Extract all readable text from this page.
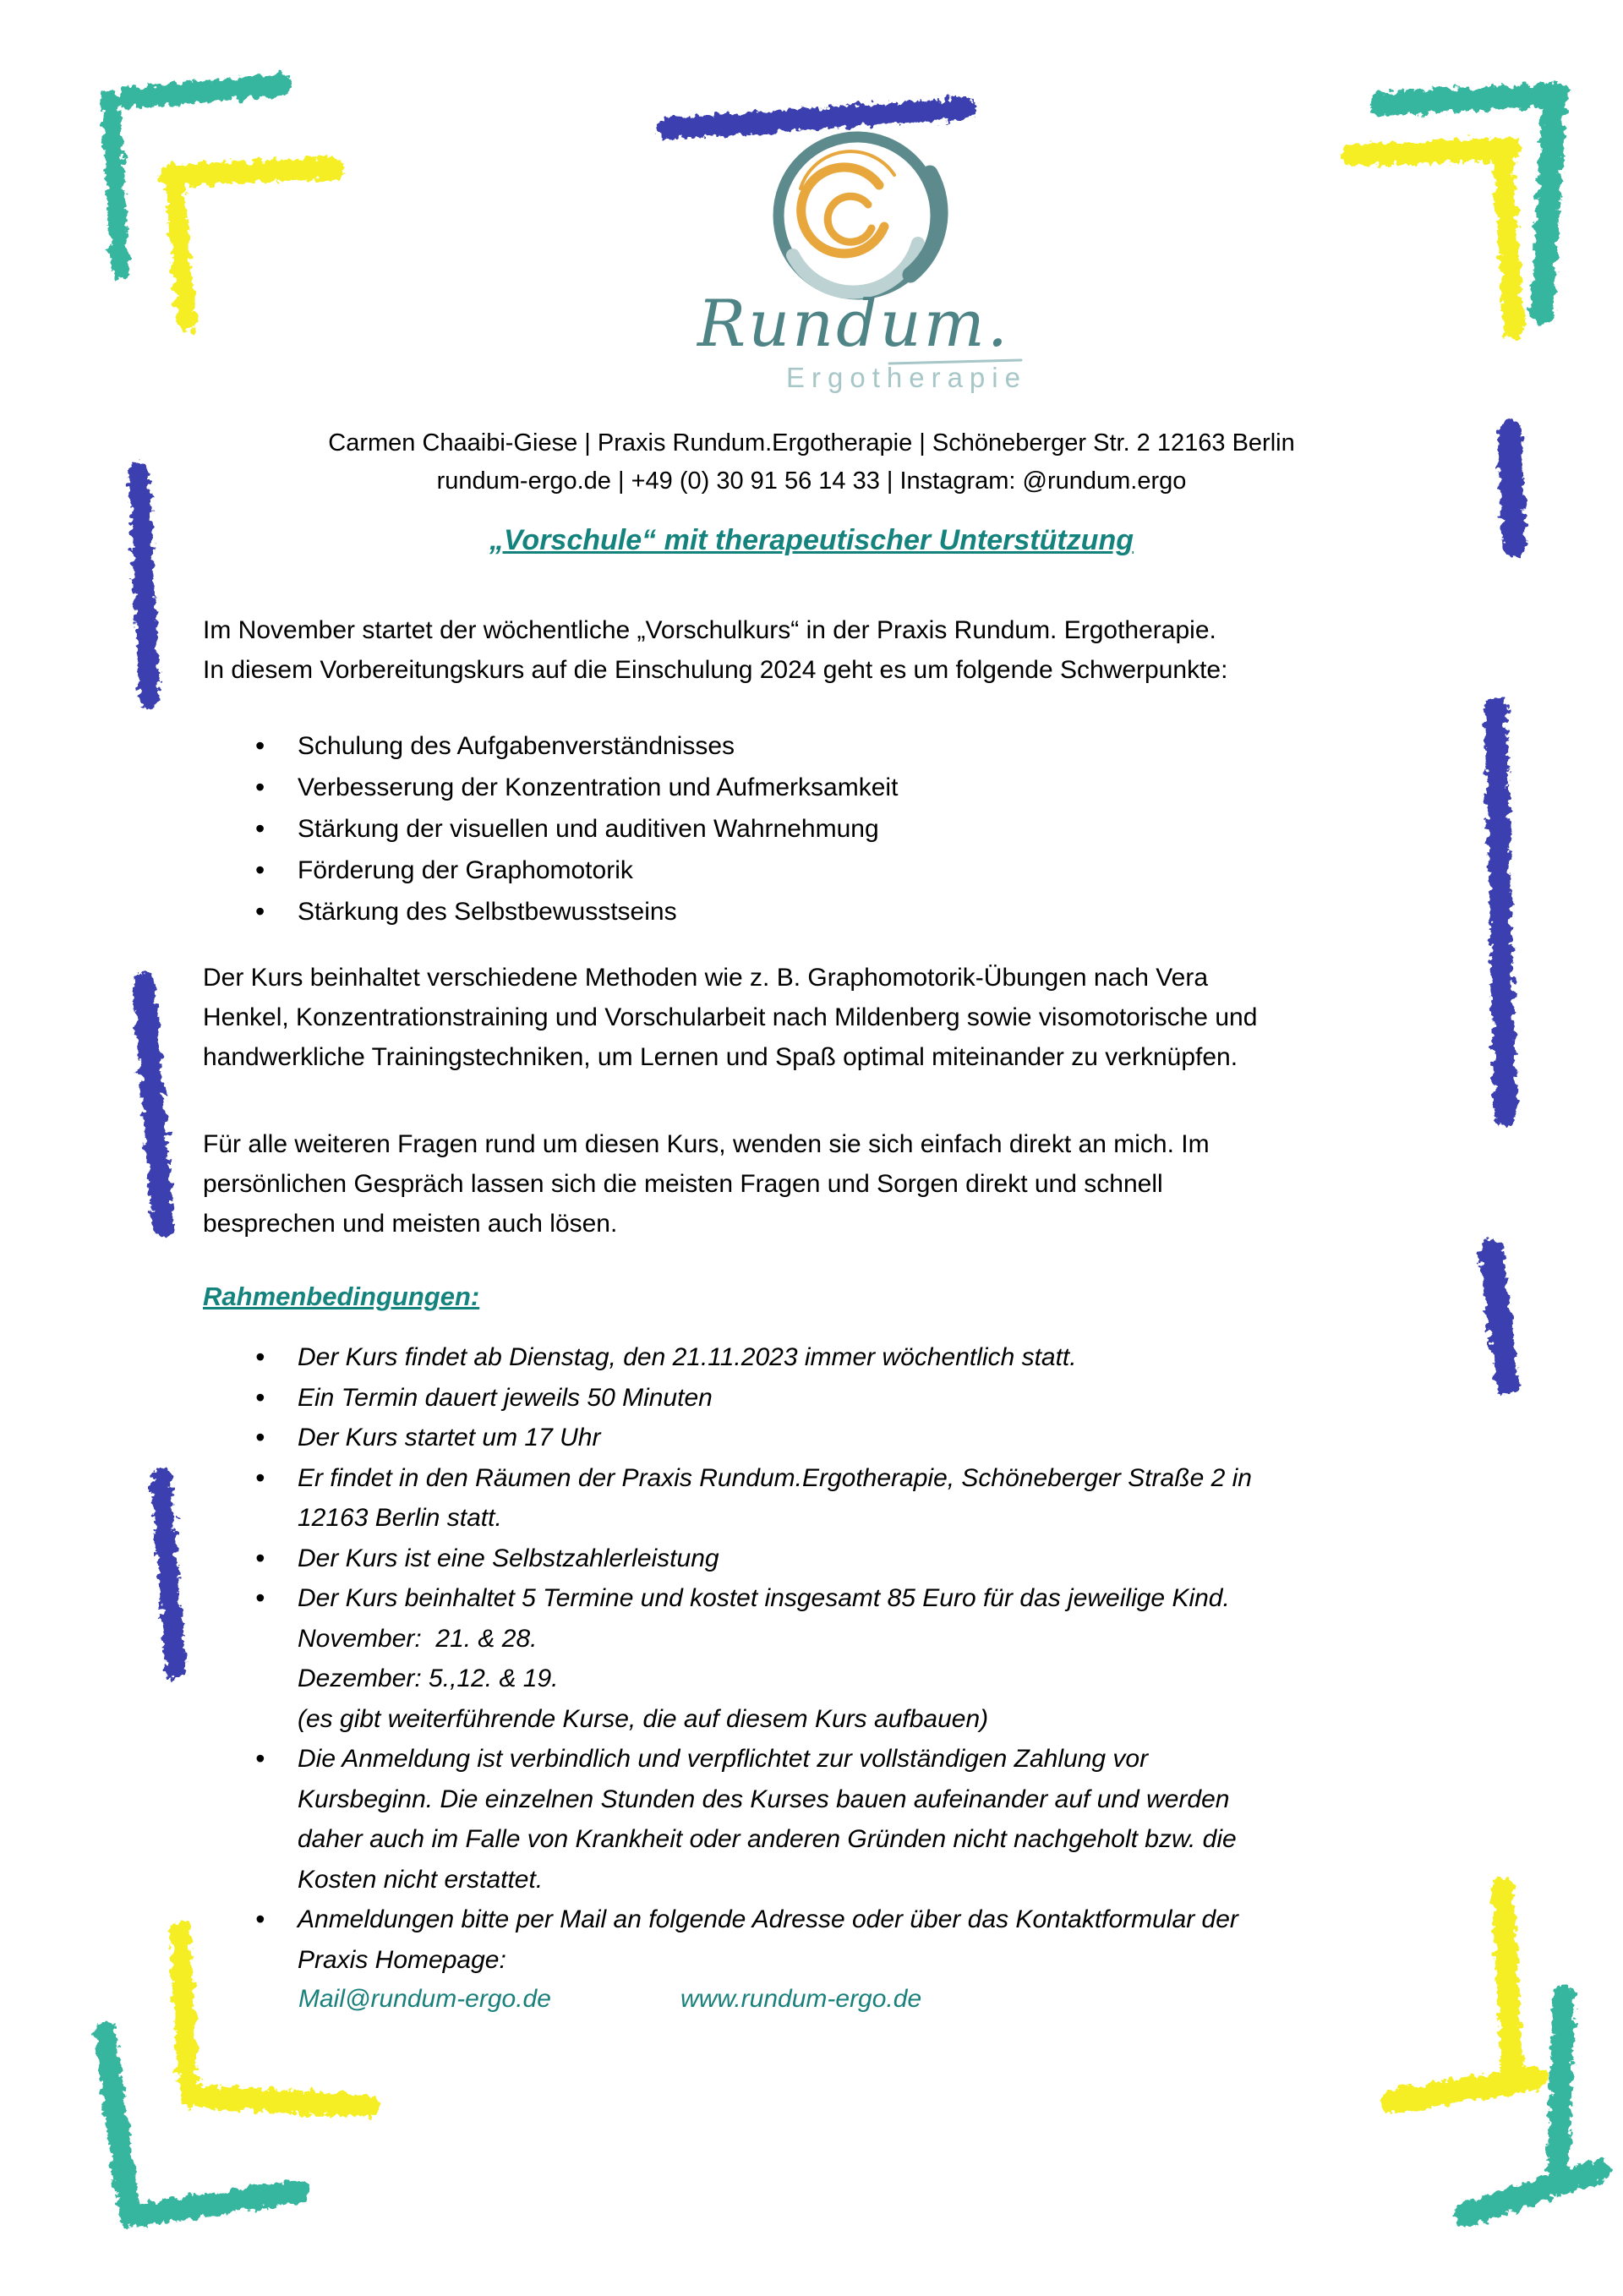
Rundum.
Ergotherapie
Carmen Chaaibi-Giese | Praxis Rundum.Ergotherapie | Schöneberger Str. 2 12163 Berlin
rundum-ergo.de | +49 (0) 30 91 56 14 33 | Instagram: @rundum.ergo
„Vorschule“ mit therapeutischer Unterstützung
Im November startet der wöchentliche „Vorschulkurs“ in der Praxis Rundum. Ergotherapie.
In diesem Vorbereitungskurs auf die Einschulung 2024 geht es um folgende Schwerpunkte:
• Schulung des Aufgabenverständnisses
• Verbesserung der Konzentration und Aufmerksamkeit
• Stärkung der visuellen und auditiven Wahrnehmung
• Förderung der Graphomotorik
• Stärkung des Selbstbewusstseins
Der Kurs beinhaltet verschiedene Methoden wie z. B. Graphomotorik-Übungen nach Vera
Henkel, Konzentrationstraining und Vorschularbeit nach Mildenberg sowie visomotorische und
handwerkliche Trainingstechniken, um Lernen und Spaß optimal miteinander zu verknüpfen.
Für alle weiteren Fragen rund um diesen Kurs, wenden sie sich einfach direkt an mich. Im
persönlichen Gespräch lassen sich die meisten Fragen und Sorgen direkt und schnell
besprechen und meisten auch lösen.
Rahmenbedingungen:
• Der Kurs findet ab Dienstag, den 21.11.2023 immer wöchentlich statt.
• Ein Termin dauert jeweils 50 Minuten
• Der Kurs startet um 17 Uhr
• Er findet in den Räumen der Praxis Rundum.Ergotherapie, Schöneberger Straße 2 in
12163 Berlin statt.
• Der Kurs ist eine Selbstzahlerleistung
• Der Kurs beinhaltet 5 Termine und kostet insgesamt 85 Euro für das jeweilige Kind.
November:  21. & 28.
Dezember: 5.,12. & 19.
(es gibt weiterführende Kurse, die auf diesem Kurs aufbauen)
• Die Anmeldung ist verbindlich und verpflichtet zur vollständigen Zahlung vor
Kursbeginn. Die einzelnen Stunden des Kurses bauen aufeinander auf und werden
daher auch im Falle von Krankheit oder anderen Gründen nicht nachgeholt bzw. die
Kosten nicht erstattet.
• Anmeldungen bitte per Mail an folgende Adresse oder über das Kontaktformular der
Praxis Homepage:
Mail@rundum-ergo.de	www.rundum-ergo.de
